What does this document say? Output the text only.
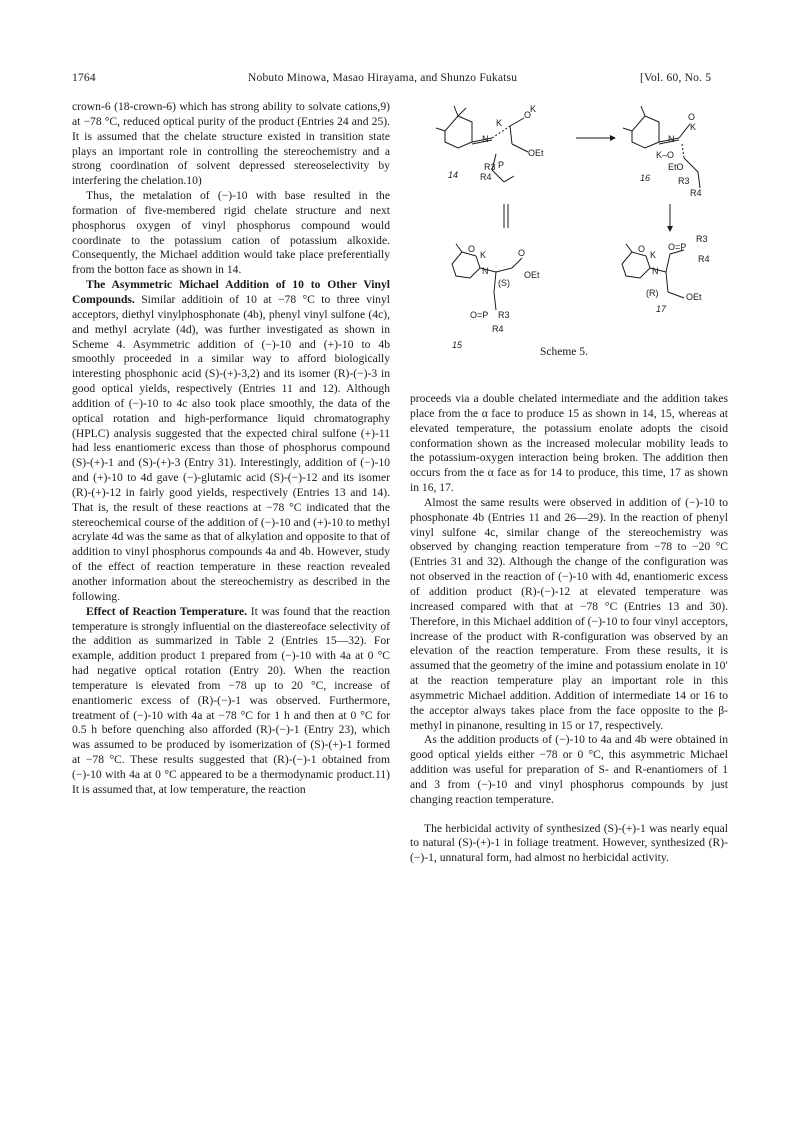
1764	Nobuto Minowa, Masao Hirayama, and Shunzo Fukatsu	[Vol. 60, No. 5

crown-6 (18-crown-6) which has strong ability to solvate cations,9) at −78 °C, reduced optical purity of the product (Entries 24 and 25). It is assumed that the chelate structure existed in transition state plays an important role in controlling the stereochemistry and a strong coordination of solvent depressed stereoselectivity by interfering the chelation.10)

Thus, the metalation of (−)-10 with base resulted in the formation of five-membered rigid chelate structure and next phosphorus oxygen of vinyl phosphorus compound would coordinate to the potassium cation of potassium alkoxide. Consequently, the Michael addition would take place preferentially from the botton face as shown in 14.

The Asymmetric Michael Addition of 10 to Other Vinyl Compounds. Similar additioin of 10 at −78 °C to three vinyl acceptors, diethyl vinylphosphonate (4b), phenyl vinyl sulfone (4c), and methyl acrylate (4d), was further investigated as shown in Scheme 4. Asymmetric addition of (−)-10 and (+)-10 to 4b smoothly proceeded in a similar way to afford biologically interesting phosphonic acid (S)-(+)-3,2) and its isomer (R)-(−)-3 in good optical yields, respectively (Entries 11 and 12). Although addition of (−)-10 to 4c also took place smoothly, the data of the optical rotation and high-performance liquid chromatography (HPLC) analysis suggested that the expected chiral sulfone (+)-11 had less enantiomeric excess than those of phosphorus compound (S)-(+)-1 and (S)-(+)-3 (Entry 31). Interestingly, addition of (−)-10 and (+)-10 to 4d gave (−)-glutamic acid (S)-(−)-12 and its isomer (R)-(+)-12 in fairly good yields, respectively (Entries 13 and 14). That is, the result of these reactions at −78 °C indicated that the stereochemical course of the addition of (−)-10 and (+)-10 to methyl acrylate 4d was the same as that of alkylation and opposite to that of addition to vinyl phosphorus compounds 4a and 4b. However, study of the effect of reaction temperature in these reaction revealed another information about the stereochemistry as described in the following.

Effect of Reaction Temperature. It was found that the reaction temperature is strongly influential on the diastereoface selectivity of the addition as summarized in Table 2 (Entries 15—32). For example, addition product 1 prepared from (−)-10 with 4a at 0 °C had negative optical rotation (Entry 20). When the reaction temperature is elevated from −78 up to 20 °C, increase of enantiomeric excess of (R)-(−)-1 was observed. Furthermore, treatment of (−)-10 with 4a at −78 °C for 1 h and then at 0 °C for 0.5 h before quenching also afforded (R)-(−)-1 (Entry 23), which was assumed to be produced by isomerization of (S)-(+)-1 formed at −78 °C. These results suggested that (R)-(−)-1 obtained from (−)-10 with 4a at 0 °C appeared to be a thermodynamic product.11) It is assumed that, at low temperature, the reaction

K
O
K
N
OEt
R3
R4
P
14
O
K
N
K–O
EtO
R3
R4
16
O
K
N
O
OEt
(S)
O=P R3
R4
15
O
K
N
O=P
R3
R4
(R)	OEt
17
Scheme 5.

proceeds via a double chelated intermediate and the addition takes place from the α face to produce 15 as shown in 14, 15, whereas at elevated temperature, the potassium enolate adopts the cisoid conformation shown as the increased molecular mobility leads to the potassium-oxygen interaction being broken. The addition then occurs from the α face as for 14 to produce, this time, 17 as shown in 16, 17.

Almost the same results were observed in addition of (−)-10 to phosphonate 4b (Entries 11 and 26—29). In the reaction of phenyl vinyl sulfone 4c, similar change of the stereochemistry was observed by changing reaction temperature from −78 to −20 °C (Entries 31 and 32). Although the change of the configuration was not observed in the reaction of (−)-10 with 4d, enantiomeric excess of addition product (R)-(−)-12 at elevated temperature was increased compared with that at −78 °C (Entries 13 and 30). Therefore, in this Michael addition of (−)-10 to four vinyl acceptors, increase of the product with R-configuration was observed by an elevation of the reaction temperature. From these results, it is assumed that the geometry of the imine and potassium enolate in 10′ at the reaction temperature play an important role in this asymmetric Michael addition. Addition of intermediate 14 or 16 to the acceptor always takes place from the face opposite to the β-methyl in pinanone, resulting in 15 or 17, respectively.

As the addition products of (−)-10 to 4a and 4b were obtained in good optical yields either −78 or 0 °C, this asymmetric Michael addition was useful for preparation of S- and R-enantiomers of 1 and 3 from (−)-10 and vinyl phosphorus compounds by just changing reaction temperature.

The herbicidal activity of synthesized (S)-(+)-1 was nearly equal to natural (S)-(+)-1 in foliage treatment. However, synthesized (R)-(−)-1, unnatural form, had almost no herbicidal activity.
